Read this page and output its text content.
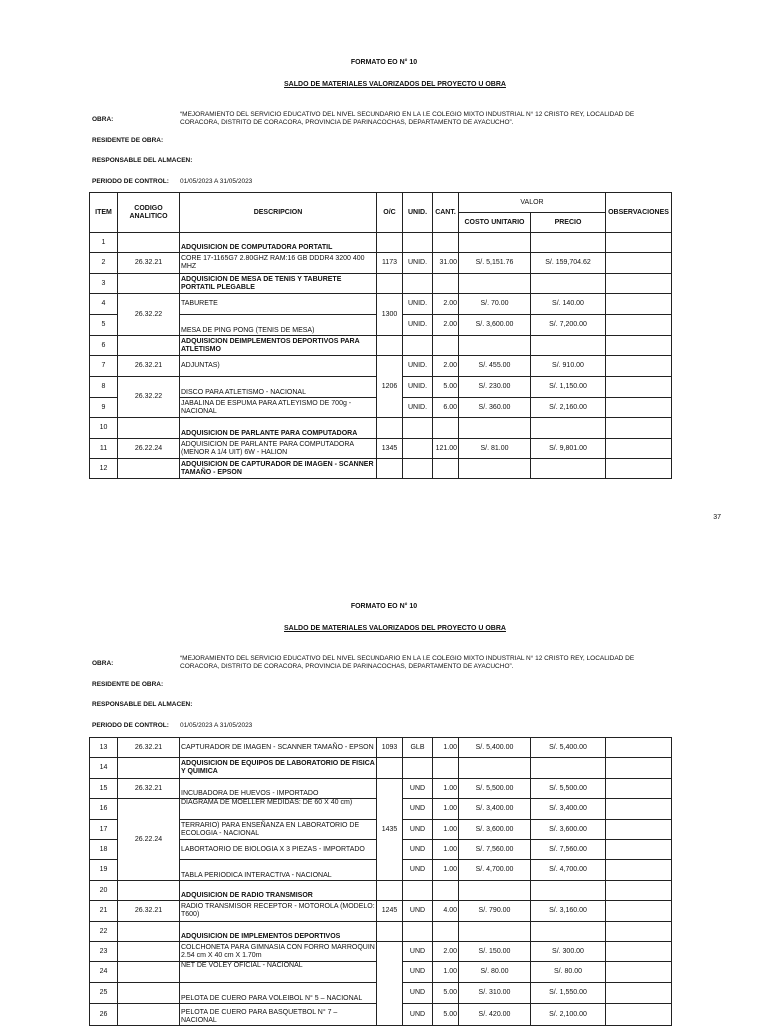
FORMATO EO N° 10
SALDO DE MATERIALES VALORIZADOS DEL PROYECTO U OBRA
OBRA:
“MEJORAMIENTO DEL SERVICIO EDUCATIVO DEL NIVEL SECUNDARIO EN LA I.E COLEGIO MIXTO INDUSTRIAL N° 12 CRISTO REY, LOCALIDAD DE CORACORA, DISTRITO DE CORACORA, PROVINCIA DE PARINACOCHAS, DEPARTAMENTO DE AYACUCHO”.
RESIDENTE DE OBRA:
RESPONSABLE DEL ALMACEN:
PERIODO DE CONTROL: 01/05/2023 A 31/05/2023
ITEM	CODIGO ANALITICO	DESCRIPCION	O/C	UNID.	CANT.	VALOR		OBSERVACIONES
						COSTO UNITARIO	PRECIO	
1		ADQUISICION DE COMPUTADORA PORTATIL						
2	26.32.21	CORE 17-1165G7 2.80GHZ RAM:16 GB DDDR4 3200 400 MHZ	1173	UNID.	31.00	S/. 5,151.76	S/. 159,704.62	
3		ADQUISICION DE MESA DE TENIS Y TABURETE PORTATIL PLEGABLE						
4	26.32.22	TABURETE	1300	UNID.	2.00	S/. 70.00	S/. 140.00	
5		MESA DE PING PONG (TENIS DE MESA)		UNID.	2.00	S/. 3,600.00	S/. 7,200.00	
6		ADQUISICION DEIMPLEMENTOS DEPORTIVOS PARA ATLETISMO						
7	26.32.21	ADJUNTAS)	1206	UNID.	2.00	S/. 455.00	S/. 910.00	
8	26.32.22	DISCO PARA ATLETISMO - NACIONAL		UNID.	5.00	S/. 230.00	S/. 1,150.00	
9		JABALINA DE ESPUMA PARA ATLEYISMO DE 700g - NACIONAL		UNID.	6.00	S/. 360.00	S/. 2,160.00	
10		ADQUISICION DE PARLANTE PARA COMPUTADORA						
11	26.22.24	ADQUISICION DE PARLANTE PARA COMPUTADORA (MENOR A 1/4 UIT) 6W - HALION	1345		121.00	S/. 81.00	S/. 9,801.00	
12		ADQUISICION DE CAPTURADOR DE IMAGEN - SCANNER TAMAÑO - EPSON						
37
FORMATO EO N° 10
SALDO DE MATERIALES VALORIZADOS DEL PROYECTO U OBRA
OBRA:
“MEJORAMIENTO DEL SERVICIO EDUCATIVO DEL NIVEL SECUNDARIO EN LA I.E COLEGIO MIXTO INDUSTRIAL N° 12 CRISTO REY, LOCALIDAD DE CORACORA, DISTRITO DE CORACORA, PROVINCIA DE PARINACOCHAS, DEPARTAMENTO DE AYACUCHO”.
RESIDENTE DE OBRA:
RESPONSABLE DEL ALMACEN:
PERIODO DE CONTROL: 01/05/2023 A 31/05/2023
13	26.32.21	CAPTURADOR DE IMAGEN - SCANNER TAMAÑO - EPSON	1093	GLB	1.00	S/. 5,400.00	S/. 5,400.00	
14		ADQUISICION DE EQUIPOS DE LABORATORIO DE FISICA Y QUIMICA						
15	26.32.21	INCUBADORA DE HUEVOS - IMPORTADO	1435	UND	1.00	S/. 5,500.00	S/. 5,500.00	
16	26.22.24	DIAGRAMA DE MOELLER MEDIDAS: DE 60 X 40 cm)		UND	1.00	S/. 3,400.00	S/. 3,400.00	
17		TERRARIO) PARA ENSEÑANZA EN LABORATORIO DE ECOLOGIA - NACIONAL		UND	1.00	S/. 3,600.00	S/. 3,600.00	
18		LABORTAORIO DE BIOLOGIA X 3 PIEZAS - IMPORTADO		UND	1.00	S/. 7,560.00	S/. 7,560.00	
19		TABLA PERIODICA INTERACTIVA - NACIONAL		UND	1.00	S/. 4,700.00	S/. 4,700.00	
20		ADQUISICION DE RADIO TRANSMISOR						
21	26.32.21	RADIO TRANSMISOR RECEPTOR - MOTOROLA (MODELO: T600)	1245	UND	4.00	S/. 790.00	S/. 3,160.00	
22		ADQUISICION DE IMPLEMENTOS DEPORTIVOS						
23		COLCHONETA PARA GIMNASIA CON FORRO MARROQUIN 2.54 cm X 40 cm X 1.70m		UND	2.00	S/. 150.00	S/. 300.00	
24		NET DE VOLEY OFICIAL - NACIONAL		UND	1.00	S/. 80.00	S/. 80.00	
25		PELOTA DE CUERO PARA VOLEIBOL N° 5 – NACIONAL		UND	5.00	S/. 310.00	S/. 1,550.00	
26		PELOTA DE CUERO PARA BASQUETBOL N° 7 – NACIONAL		UND	5.00	S/. 420.00	S/. 2,100.00	
